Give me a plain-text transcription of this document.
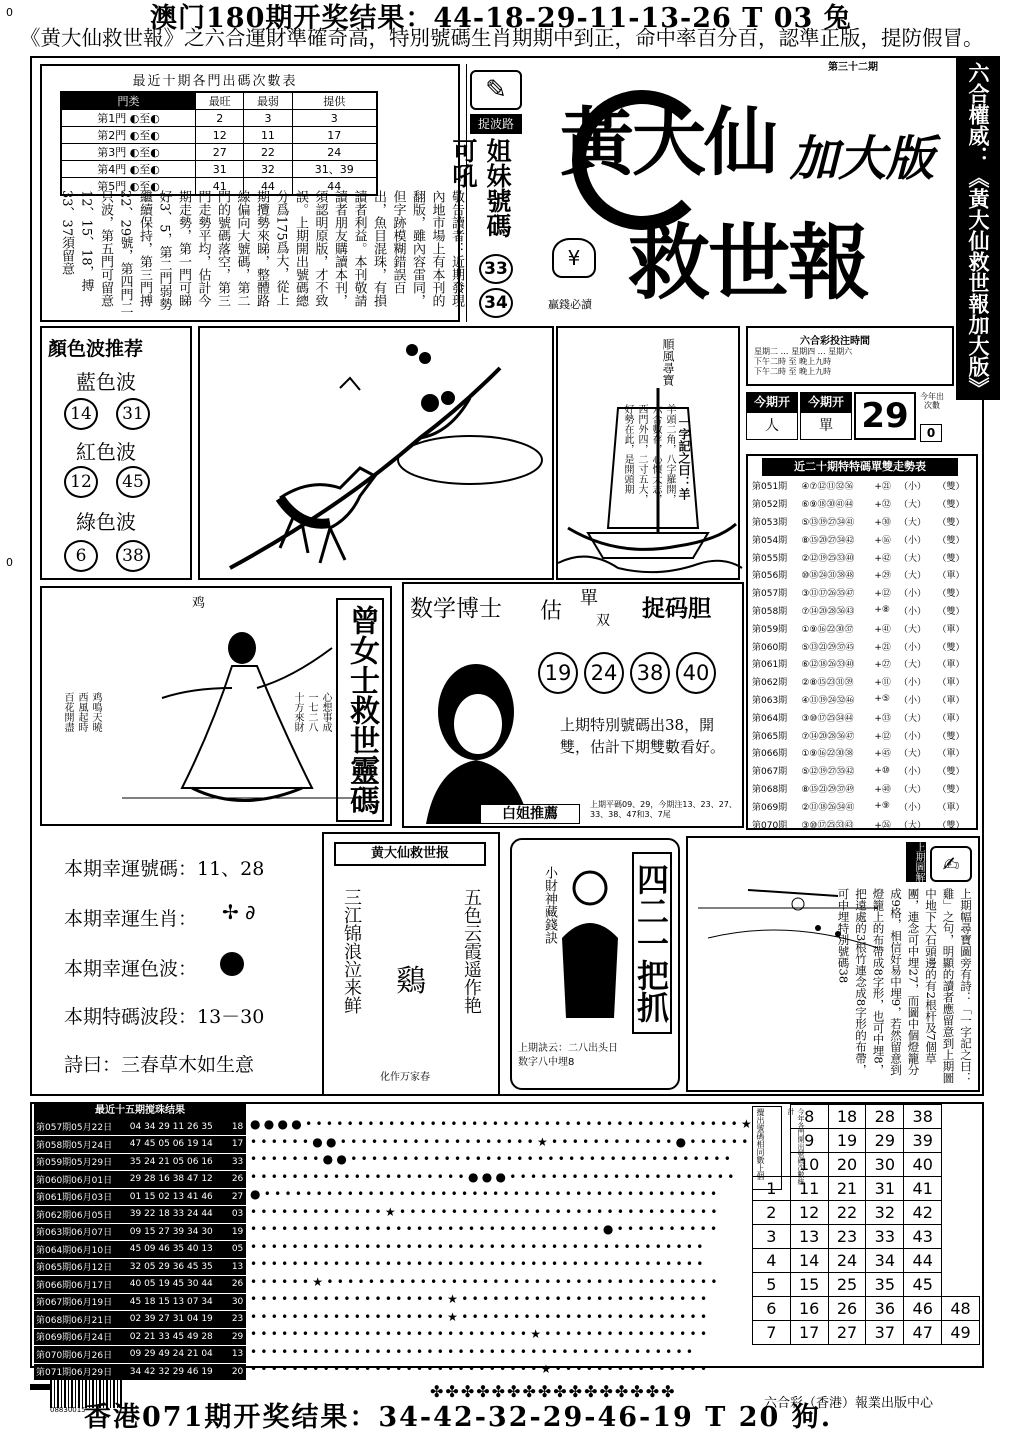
0
0
澳门180期开奖结果：44-18-29-11-13-26 T 03 兔
《黄大仙救世報》之六合運財準確奇高，特別號碼生肖期期中到正，命中率百分百，認準正版，提防假冒。
六合權威：《黃大仙救世報加大版》強勢出版！
最近十期各門出碼次數表
門类	最旺	最弱	提供
第1門 ◐至◐	2	3	3
第2門 ◐至◐	12	11	17
第3門 ◐至◐	27	22	24
第4門 ◐至◐	31	32	31、39
第5門 ◐至◐	41	44	44
敬告讀者：近期發現內地市場上有本刊的翻版，雖內容雷同，但字跡模糊錯誤百出，魚目混珠，有損讀者利益。本刊敬請讀者朋友購讀本刊，須認明原版，才不致誤。上期開出號碼總分爲175爲大，從上期攬勢來睇，整體路線偏向大號碼，第二門的號碼落空，第三門走勢平均，估計今期走勢，第一門可睇好3、5，第二門弱勢繼續保持，第三門搏22、29號，第四門二只波，第五門可留意12、15、18，搏33、37須留意
✎
捉波路
姐妹號碼可吼
33
34
黃大仙 加大版
救世報
第三十二期
¥
贏錢必讀
顏色波推荐
藍色波
14	31
紅色波
12	45
綠色波
6	38
順風尋寶
一字記之曰：羊
羊頭二角，八字羅開，六合數存，心懷大志，西門外四，二寸五大，好勢在此，是開頭期
六合彩投注時間
星期二 … 星期四 … 星期六
下午二時 至 晚上九時
下午二時 至 晚上九時
今期开
人
今期开
單 29	今年出次數
0
近二十期特特碼單雙走勢表
第051期	④⑦⑫⑪㉜㊱	+㉑	（小）	（雙）
第052期	⑥⑨⑱㉚㊶㊹	+㉜	（大）	（雙）
第053期	⑤⑬⑲㉗㉞㊶	+㉚	（大）	（雙）
第054期	⑧⑮⑳㉗㉞㊷	+⑯	（小）	（雙）
第055期	②⑫⑲㉕㉝㊵	+㊷	（大）	（雙）
第056期	⑩⑱㉔㉛㊳㊽	+㉙	（大）	（單）
第057期	③⑪⑰㉖㉟㊼	+⑫	（小）	（雙）
第058期	⑦⑭⑳㉘㊱㊸	+⑧	（小）	（雙）
第059期	①⑨⑯㉒㉚㊲	+㊶	（大）	（單）
第060期	⑤⑬㉑㉙㊲㊺	+㉑	（小）	（雙）
第061期	⑥⑫⑱㉖㉝㊵	+㉗	（大）	（單）
第062期	②⑧⑮㉓㉛㊴	+⑪	（小）	（單）
第063期	④⑪⑲㉔㉜㊻	+⑤	（小）	（單）
第064期	③⑩⑰㉕㉞㊹	+㉝	（大）	（單）
第065期	⑦⑭⑳㉘㊱㊼	+⑫	（小）	（雙）
第066期	①⑨⑯㉒㉚㊳	+㊺	（大）	（單）
第067期	⑤⑫⑲㉗㉟㊷	+⑩	（小）	（雙）
第068期	⑧⑮㉑㉙㊲㊾	+㊵	（大）	（雙）
第069期	②⑪⑱㉖㉞㊶	+⑨	（小）	（單）
第070期	③⑩⑰㉕㉝㊸	+㉖	（大）	（雙）
鸡
百花開盡 西風起時 鸡鳴天曉	十方來財 一七二八 心想事成 曾女士救世靈碼 数学博士 估
單
双 捉码胆
19 24 38 40
上期特別號碼出38，開雙，估計下期雙數看好。
白姐推薦
上期平碼09、29，今期注13、23、27、33、38、47和3、7尾
本期幸運號碼：11、28
本期幸運生肖： ✢ ∂
本期幸運色波：
本期特碼波段：13－30
詩曰：三春草木如生意
黄大仙救世报
五色云霞遥作艳
三江锦浪泣来鲜 鷄
化作万家春
小財神藏錢訣 四二一把抓
上期訣云：二八出头日
数字八中埋8
上期圖解 ✍
上期幅尋寶圖旁有詩：「一字記之曰：雞」之句，明顯的讀者應留意到上期圖中地下大石頭邊的有2根杆及7個草團，連念可中埋27，而圖中個燈籠分成9格，相信好易中埋9，若然留意到燈籠上的布帶成8字形，也可中埋8，把遠處的3根竹連念成8字形的布帶，可中埋特別號碼38
最近十五期搅珠结果
第057期05月22日	04 34 29 11 26 35	18
第058期05月24日	47 45 05 06 19 14	17
第059期05月29日	35 24 21 05 06 16	33
第060期06月01日	29 28 16 38 47 12	26
第061期06月03日	01 15 02 13 41 46	27
第062期06月05日	39 22 18 33 24 44	03
第063期06月07日	09 15 27 39 34 30	19
第064期06月10日	45 09 46 35 40 13	05
第065期06月12日	32 05 29 36 45 35	13
第066期06月17日	40 05 19 45 30 44	26
第067期06月19日	45 18 15 13 07 34	30
第068期06月21日	02 39 27 31 04 19	23
第069期06月24日	02 21 33 45 49 28	29
第070期06月26日	09 29 49 24 21 04	13
第071期06月29日	34 42 32 29 46 19	20
●●●●••••••••••••••••••••••••••••••••••••••••••★
••••••●●•••••••••••••••••••★••••••••••••●••••••
•••••••●●•••••••••••••••••••••••••••••••••••••
•••••••••••••••••••••●●●••••••••••••••••••••••
●••••••••••••••••••••••••••••••••••••••••••••
•••••••••••••★•••••••••••••••••••••••••••••••
••••••••••••••••••••••••••••••••••●••••••••••
••••••••••••••••••••••••••••••••••••••••••••
••••••••••••••••••••••••••••••••••••••••••••
••••••★••••••••••••••••••••••••••••••••••••••
•••••••••••••••••••★••••••••••••••••••••••••
•••••••••••••••••••★••••••••••••••••••••••••
•••••••••••••••••••••••••••★••••••••••••••••
•••••••••••••••••••••••••••••••••••••••••••
••••••••••••••••••••••••••••★•••••••••••••••
攪出號碼相同數上個	今年各門開出號碼次數統計
	8	18	28	38	
	9	19	29	39	
	10	20	30	40	
1	11	21	31	41	
2	12	22	32	42	
3	13	23	33	43	
4	14	24	34	44	
5	15	25	35	45	
6	16	26	36	46	48
7	17	27	37	47	49
08830015
✤✤✤✤✤✤✤✤✤✤✤✤✤✤✤✤
六合彩（香港）報業出版中心
香港071期开奖结果：34-42-32-29-46-19 T 20 狗.
